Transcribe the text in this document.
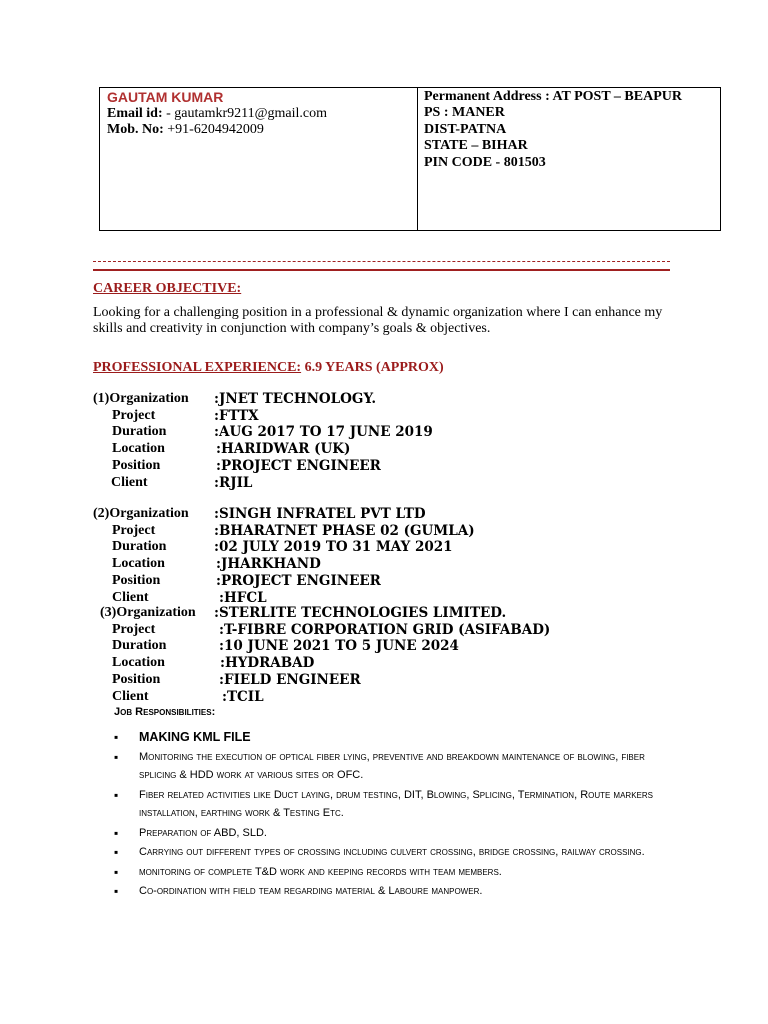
GAUTAM KUMAR
Email id: - gautamkr9211@gmail.com
Mob. No: +91-6204942009
Permanent Address : AT POST – BEAPUR
PS : MANER
DIST-PATNA
STATE – BIHAR
PIN CODE - 801503
CAREER OBJECTIVE:
Looking for a challenging position in a professional & dynamic organization where I can enhance my skills and creativity in conjunction with company’s goals & objectives.
PROFESSIONAL EXPERIENCE: 6.9 YEARS (APPROX)
(1)Organization	:JNET TECHNOLOGY.
Project	:FTTX
Duration	:AUG 2017 TO 17 JUNE 2019
Location	:HARIDWAR (UK)
Position	:PROJECT ENGINEER
Client	:RJIL
(2)Organization	:SINGH INFRATEL PVT LTD
Project	:BHARATNET PHASE 02 (GUMLA)
Duration	:02 JULY 2019 TO 31 MAY 2021
Location	:JHARKHAND
Position	:PROJECT ENGINEER
Client	:HFCL
(3)Organization	:STERLITE TECHNOLOGIES LIMITED.
Project	:T-FIBRE CORPORATION GRID (ASIFABAD)
Duration	:10 JUNE 2021 TO 5 JUNE 2024
Location	:HYDRABAD
Position	:FIELD ENGINEER
Client	:TCIL
Job Responsibilities:
▪ MAKING KML FILE
▪ Monitoring the execution of optical fiber lying, preventive and breakdown maintenance of blowing, fiber splicing & HDD work at various sites or OFC.
▪ Fiber related activities like Duct laying, drum testing, DIT, Blowing, Splicing, Termination, Route markers installation, earthing work & Testing Etc.
▪ Preparation of ABD, SLD.
▪ Carrying out different types of crossing including culvert crossing, bridge crossing, railway crossing.
▪ monitoring of complete T&D work and keeping records with team members.
▪ Co-ordination with field team regarding material & Laboure manpower.
